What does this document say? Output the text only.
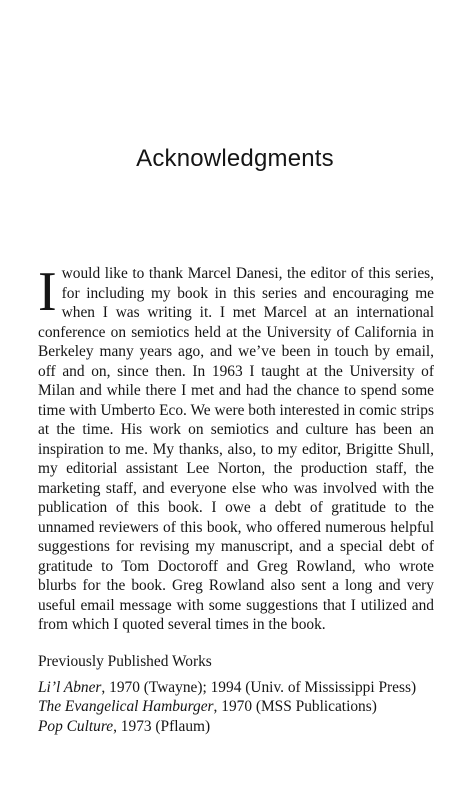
Acknowledgments

Iwould like to thank Marcel Danesi, the editor of this series, for including my book in this series and encouraging me when I was writing it. I met Marcel at an international conference on semiotics held at the University of California in Berkeley many years ago, and we’ve been in touch by email, off and on, since then. In 1963 I taught at the University of Milan and while there I met and had the chance to spend some time with Umberto Eco. We were both interested in comic strips at the time. His work on semiotics and culture has been an inspiration to me. My thanks, also, to my editor, Brigitte Shull, my editorial assistant Lee Norton, the production staff, the marketing staff, and everyone else who was involved with the publication of this book. I owe a debt of gratitude to the unnamed reviewers of this book, who offered numerous helpful suggestions for revising my manuscript, and a special debt of gratitude to Tom Doctoroff and Greg Rowland, who wrote blurbs for the book. Greg Rowland also sent a long and very useful email message with some suggestions that I utilized and from which I quoted several times in the book.

Previously Published Works

Li’l Abner, 1970 (Twayne); 1994 (Univ. of Mississippi Press)

The Evangelical Hamburger, 1970 (MSS Publications)

Pop Culture, 1973 (Pflaum)
